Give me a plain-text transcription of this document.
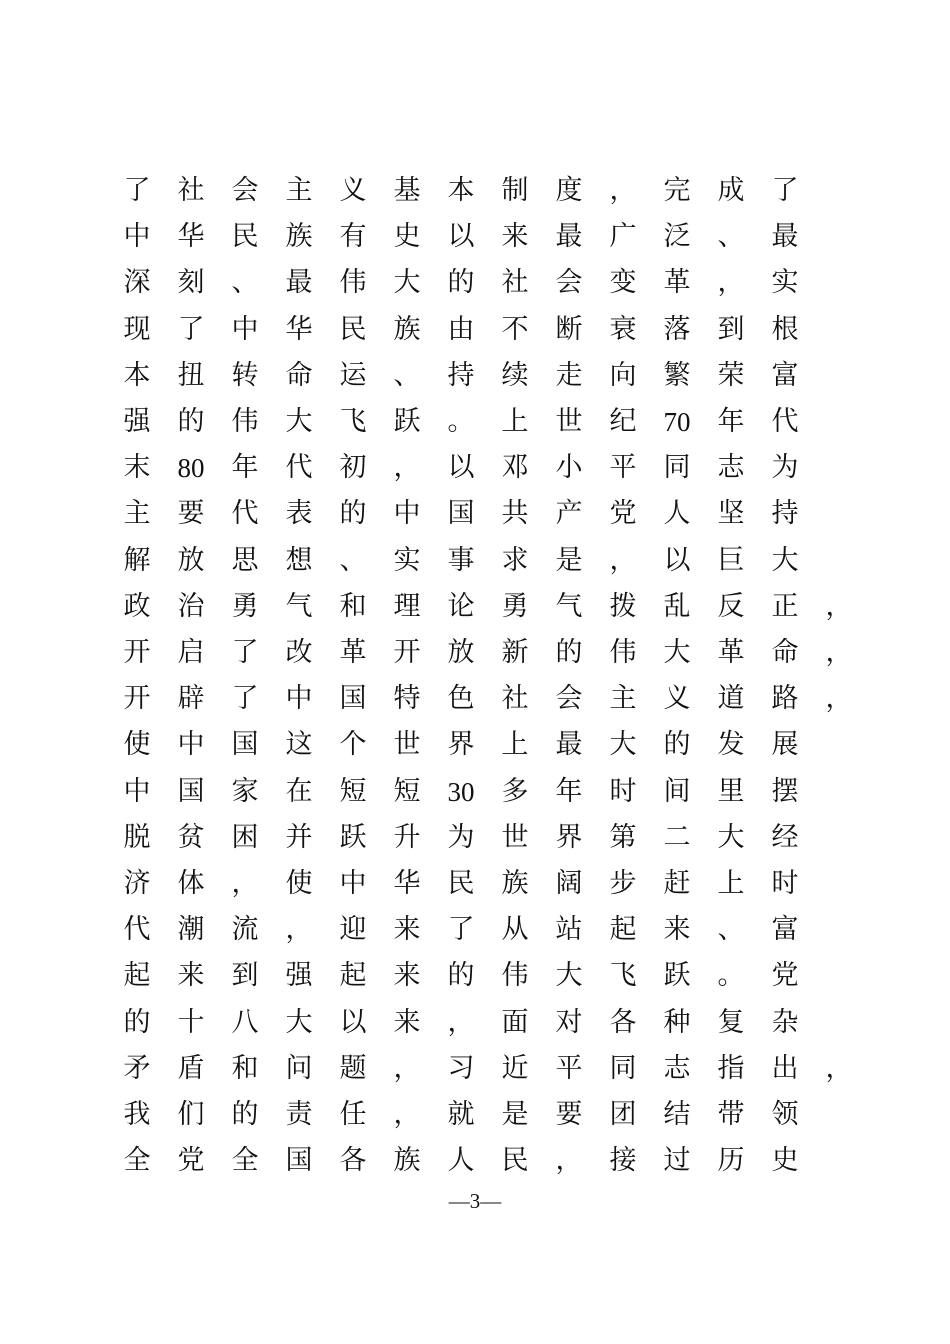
了	社	会	主	义	基	本	制	度	，	完	成	了
中	华	民	族	有	史	以	来	最	广	泛	、	最
深	刻	、	最	伟	大	的	社	会	变	革	，	实
现	了	中	华	民	族	由	不	断	衰	落	到	根
本	扭	转	命	运	、	持	续	走	向	繁	荣	富
强	的	伟	大	飞	跃	。	上	世	纪	70	年	代
末	80	年	代	初	，	以	邓	小	平	同	志	为
主	要	代	表	的	中	国	共	产	党	人	坚	持
解	放	思	想	、	实	事	求	是	，	以	巨	大
政	治	勇	气	和	理	论	勇	气	拨	乱	反	正	，
开	启	了	改	革	开	放	新	的	伟	大	革	命	，
开	辟	了	中	国	特	色	社	会	主	义	道	路	，
使	中	国	这	个	世	界	上	最	大	的	发	展
中	国	家	在	短	短	30	多	年	时	间	里	摆
脱	贫	困	并	跃	升	为	世	界	第	二	大	经
济	体	，	使	中	华	民	族	阔	步	赶	上	时
代	潮	流	，	迎	来	了	从	站	起	来	、	富
起	来	到	强	起	来	的	伟	大	飞	跃	。	党
的	十	八	大	以	来	，	面	对	各	种	复	杂
矛	盾	和	问	题	，	习	近	平	同	志	指	出	，
我	们	的	责	任	，	就	是	要	团	结	带	领
全	党	全	国	各	族	人	民	，	接	过	历	史
—3—
